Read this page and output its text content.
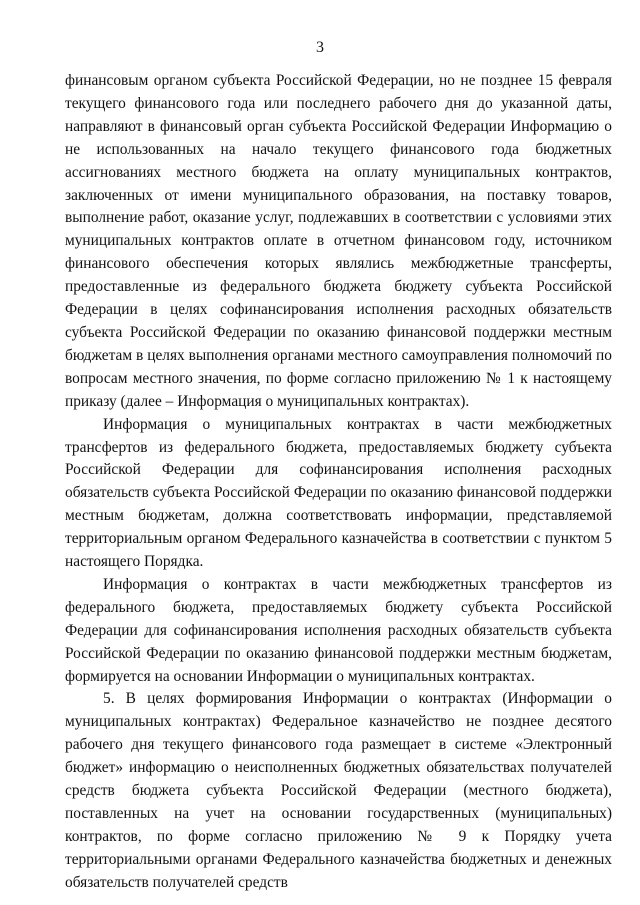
3

финансовым органом субъекта Российской Федерации, но не позднее 15 февраля текущего финансового года или последнего рабочего дня до указанной даты, направляют в финансовый орган субъекта Российской Федерации Информацию о не использованных на начало текущего финансового года бюджетных ассигнованиях местного бюджета на оплату муниципальных контрактов, заключенных от имени муниципального образования, на поставку товаров, выполнение работ, оказание услуг, подлежавших в соответствии с условиями этих муниципальных контрактов оплате в отчетном финансовом году, источником финансового обеспечения которых являлись межбюджетные трансферты, предоставленные из федерального бюджета бюджету субъекта Российской Федерации в целях софинансирования исполнения расходных обязательств субъекта Российской Федерации по оказанию финансовой поддержки местным бюджетам в целях выполнения органами местного самоуправления полномочий по вопросам местного значения, по форме согласно приложению № 1 к настоящему приказу (далее – Информация о муниципальных контрактах).

Информация о муниципальных контрактах в части межбюджетных трансфертов из федерального бюджета, предоставляемых бюджету субъекта Российской Федерации для софинансирования исполнения расходных обязательств субъекта Российской Федерации по оказанию финансовой поддержки местным бюджетам, должна соответствовать информации, представляемой территориальным органом Федерального казначейства в соответствии с пунктом 5 настоящего Порядка.

Информация о контрактах в части межбюджетных трансфертов из федерального бюджета, предоставляемых бюджету субъекта Российской Федерации для софинансирования исполнения расходных обязательств субъекта Российской Федерации по оказанию финансовой поддержки местным бюджетам, формируется на основании Информации о муниципальных контрактах.

5. В целях формирования Информации о контрактах (Информации о муниципальных контрактах) Федеральное казначейство не позднее десятого рабочего дня текущего финансового года размещает в системе «Электронный бюджет» информацию о неисполненных бюджетных обязательствах получателей средств бюджета субъекта Российской Федерации (местного бюджета), поставленных на учет на основании государственных (муниципальных) контрактов, по форме согласно приложению № 9 к Порядку учета территориальными органами Федерального казначейства бюджетных и денежных обязательств получателей средств
